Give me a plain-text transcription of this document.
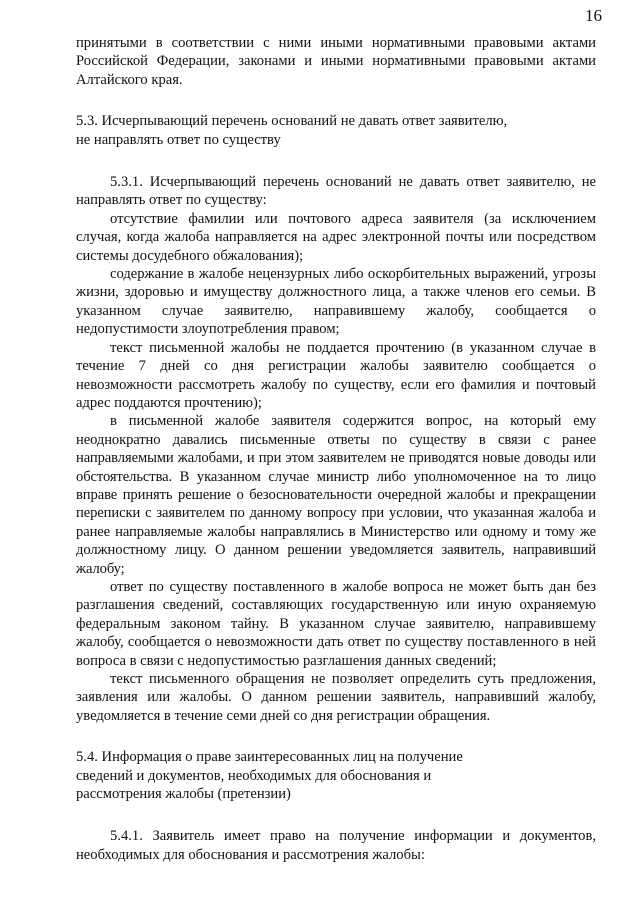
16

принятыми в соответствии с ними иными нормативными правовыми актами Российской Федерации, законами и иными нормативными правовыми актами Алтайского края.

5.3. Исчерпывающий перечень оснований не давать ответ заявителю,
не направлять ответ по существу

5.3.1. Исчерпывающий перечень оснований не давать ответ заявителю, не направлять ответ по существу:

отсутствие фамилии или почтового адреса заявителя (за исключением случая, когда жалоба направляется на адрес электронной почты или посредством системы досудебного обжалования);

содержание в жалобе нецензурных либо оскорбительных выражений, угрозы жизни, здоровью и имуществу должностного лица, а также членов его семьи. В указанном случае заявителю, направившему жалобу, сообщается о недопустимости злоупотребления правом;

текст письменной жалобы не поддается прочтению (в указанном случае в течение 7 дней со дня регистрации жалобы заявителю сообщается о невозможности рассмотреть жалобу по существу, если его фамилия и почтовый адрес поддаются прочтению);

в письменной жалобе заявителя содержится вопрос, на который ему неоднократно давались письменные ответы по существу в связи с ранее направляемыми жалобами, и при этом заявителем не приводятся новые доводы или обстоятельства. В указанном случае министр либо уполномоченное на то лицо вправе принять решение о безосновательности очередной жалобы и прекращении переписки с заявителем по данному вопросу при условии, что указанная жалоба и ранее направляемые жалобы направлялись в Министерство или одному и тому же должностному лицу. О данном решении уведомляется заявитель, направивший жалобу;

ответ по существу поставленного в жалобе вопроса не может быть дан без разглашения сведений, составляющих государственную или иную охраняемую федеральным законом тайну. В указанном случае заявителю, направившему жалобу, сообщается о невозможности дать ответ по существу поставленного в ней вопроса в связи с недопустимостью разглашения данных сведений;

текст письменного обращения не позволяет определить суть предложения, заявления или жалобы. О данном решении заявитель, направивший жалобу, уведомляется в течение семи дней со дня регистрации обращения.

5.4. Информация о праве заинтересованных лиц на получение
сведений и документов, необходимых для обоснования и
рассмотрения жалобы (претензии)

5.4.1. Заявитель имеет право на получение информации и документов, необходимых для обоснования и рассмотрения жалобы:
